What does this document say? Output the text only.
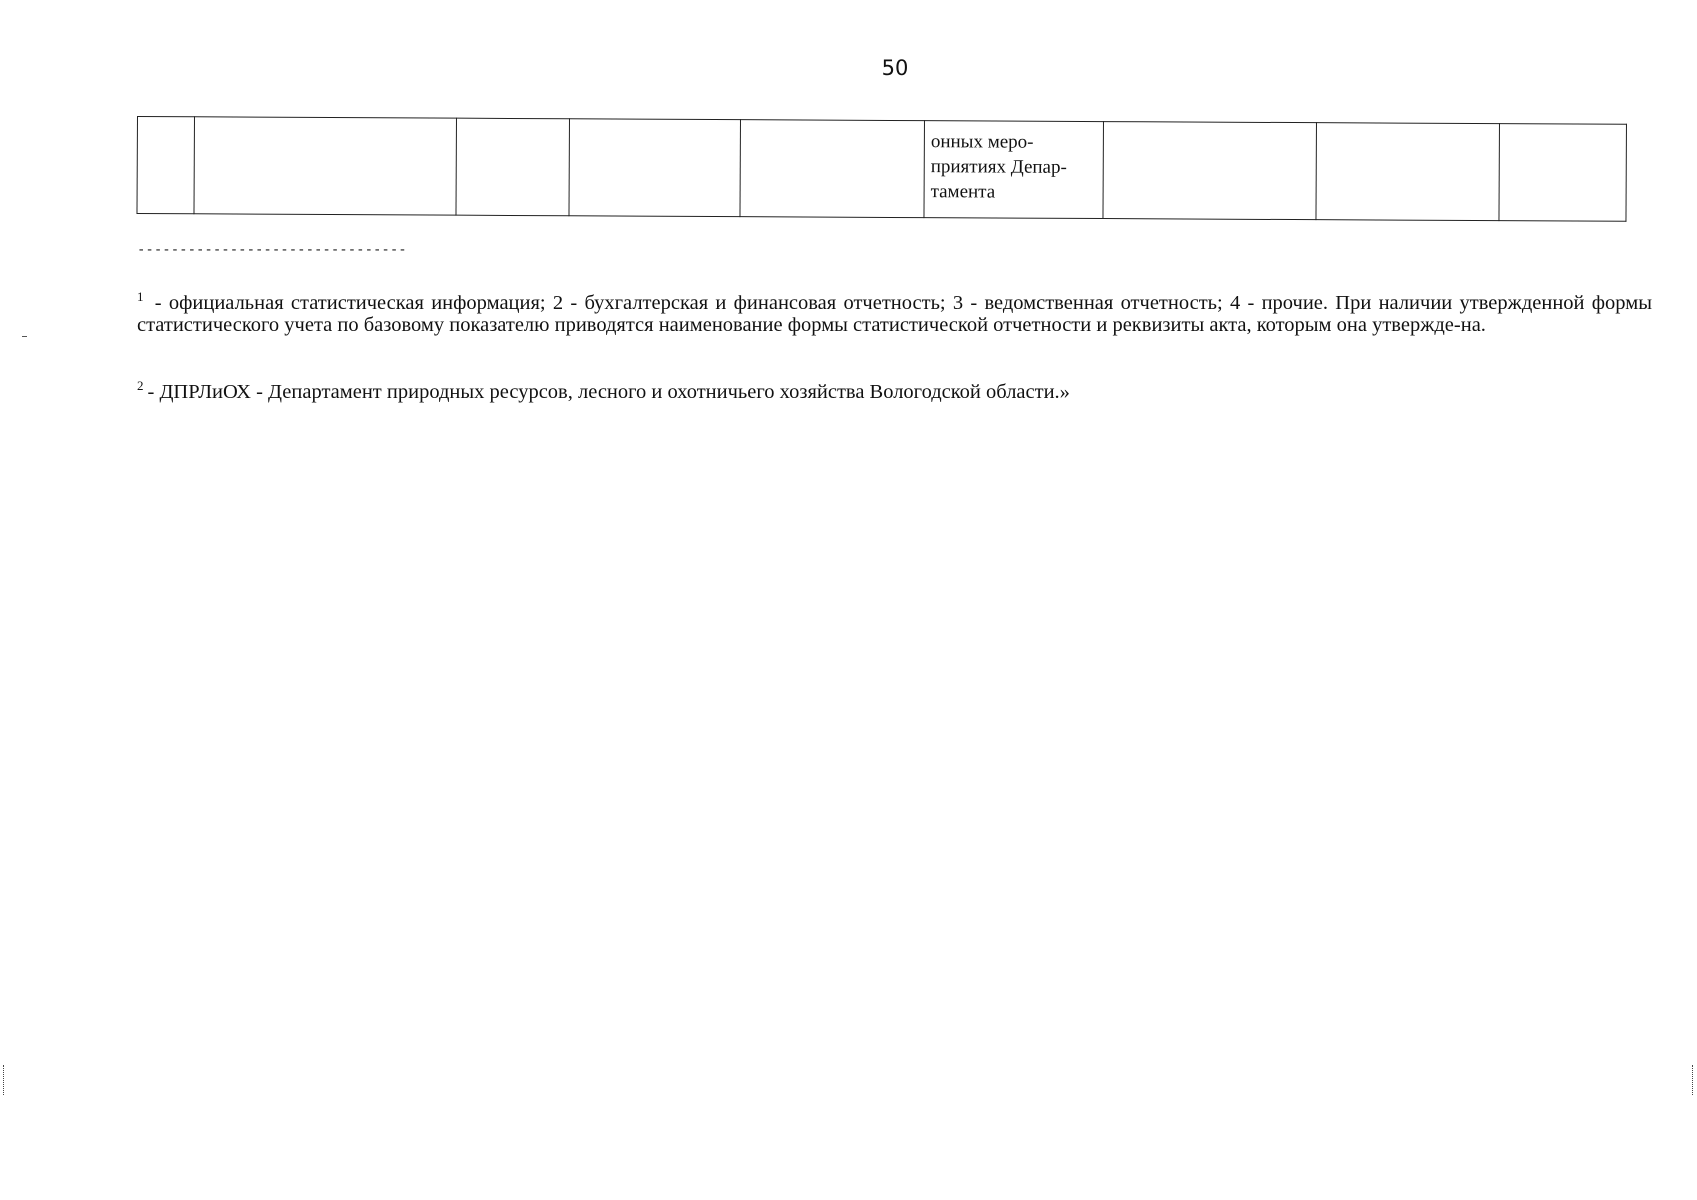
50

онных меро-
приятиях Депар-
тамента

--------------------------------
$^1$ - официальная статистическая информация; 2 - бухгалтерская и финансовая отчетность; 3 - ведомственная отчетность; 4 - прочие. При наличии утвержденной формы статистического учета по базовому показателю приводятся наименование формы статистической отчетности и реквизиты акта, которым она утвержде-на.
$^2$ - ДПРЛиОХ - Департамент природных ресурсов, лесного и охотничьего хозяйства Вологодской области.»
